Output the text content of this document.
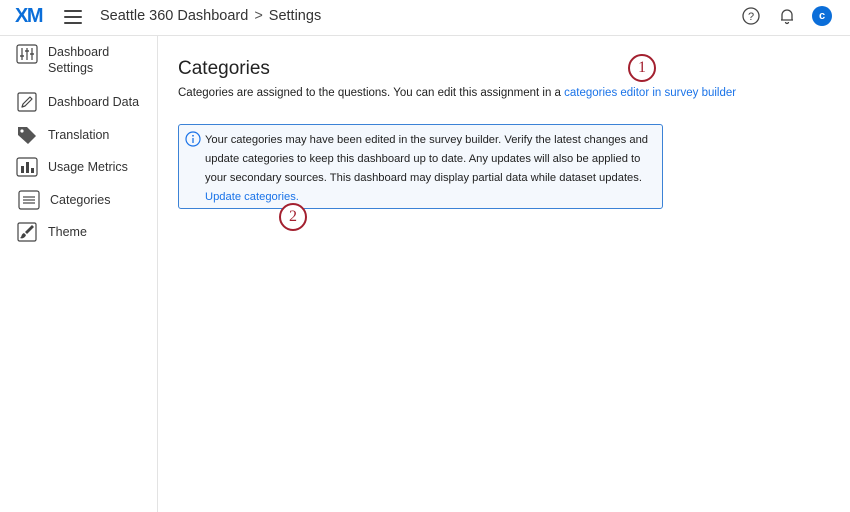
XM	Seattle 360 Dashboard > Settings	?	c
Dashboard
Settings
Dashboard Data
Translation
Usage Metrics
Categories
Theme
Categories
Categories are assigned to the questions. You can edit this assignment in a categories editor in survey builder
Your categories may have been edited in the survey builder. Verify the latest changes and update categories to keep this dashboard up to date. Any updates will also be applied to your secondary sources. This dashboard may display partial data while dataset updates. Update categories.
1
2
